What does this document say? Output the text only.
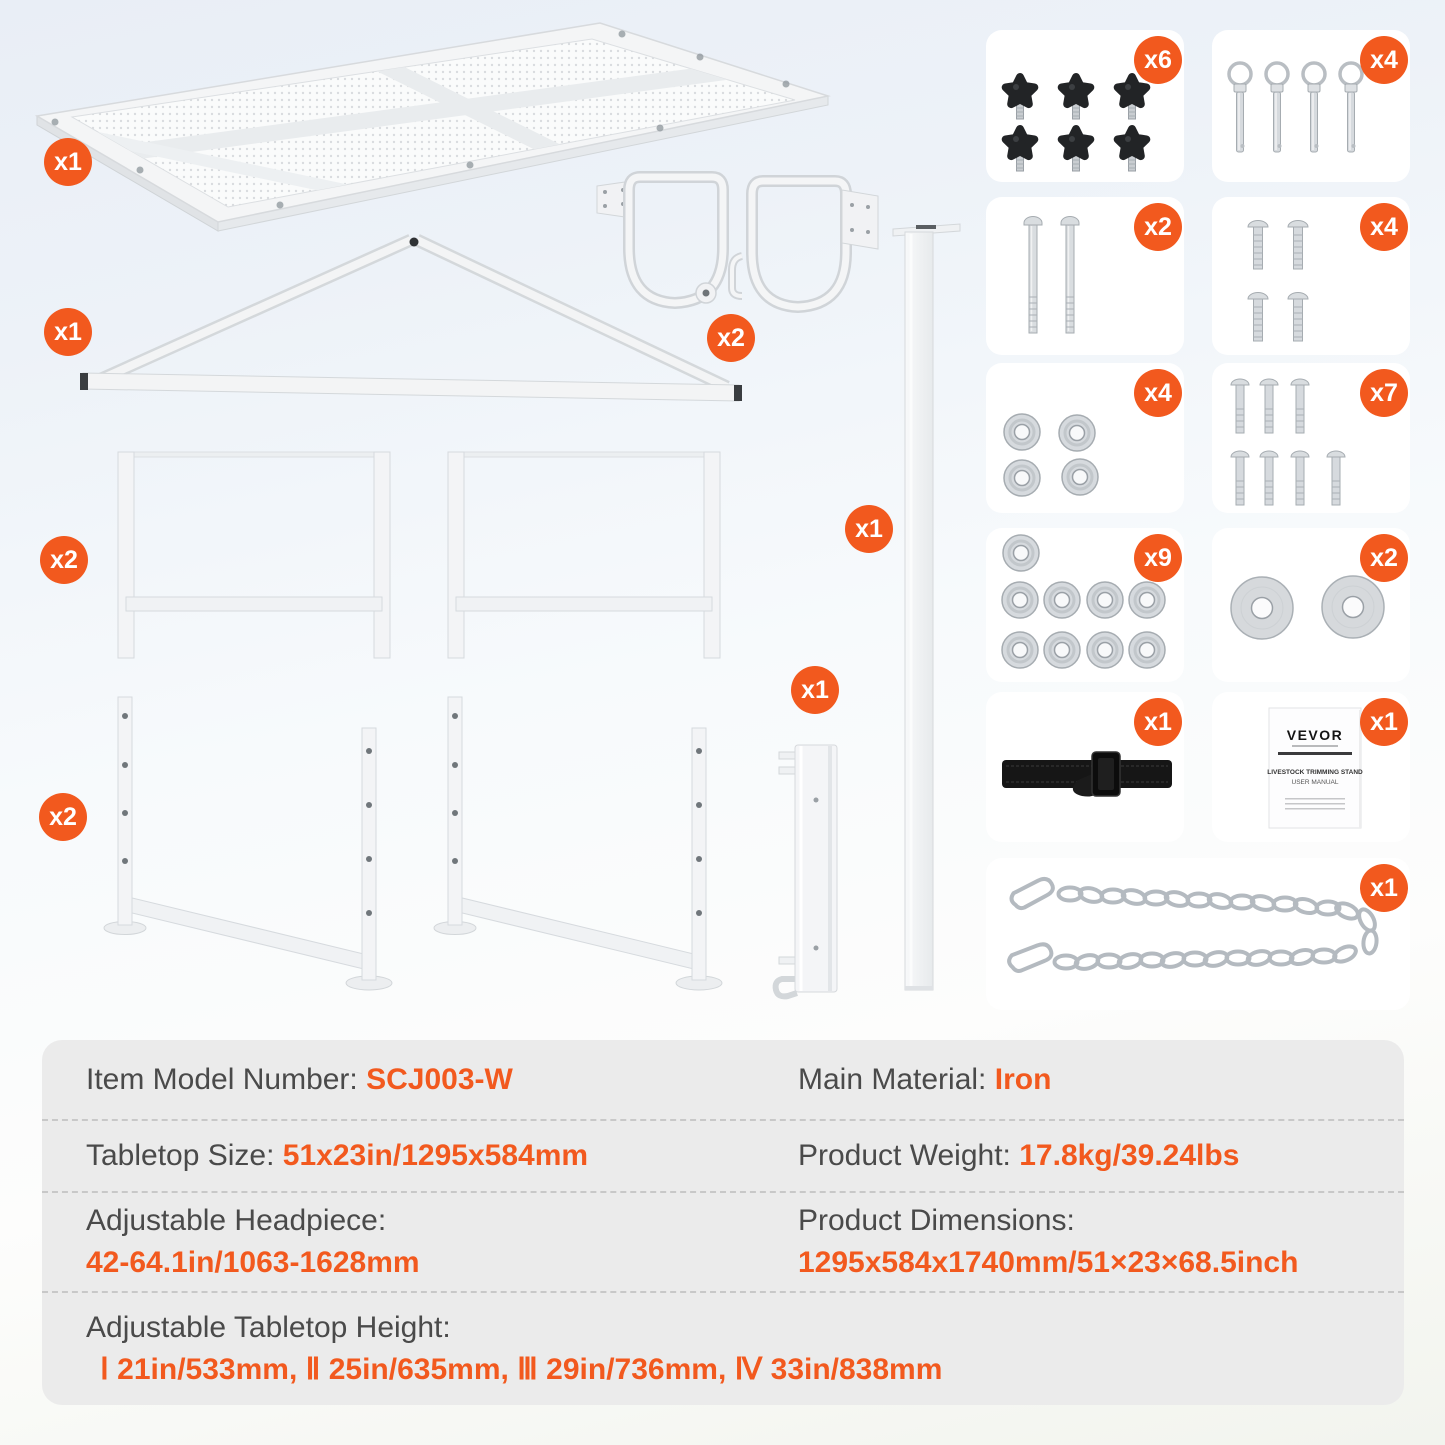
x1
x1	x2
x2
x1
x1
x2
x6	x4
x2	x4
x4	x7
x9	x2
x1	VEVOR
LIVESTOCK TRIMMING STAND
USER MANUAL
x1
x1

Item Model Number: SCJ003-W	Main Material: Iron

Tabletop Size: 51x23in/1295x584mm	Product Weight: 17.8kg/39.24lbs

Adjustable Headpiece:
42-64.1in/1063-1628mm

Product Dimensions:
1295x584x1740mm/51×23×68.5inch

Adjustable Tabletop Height:
Ⅰ 21in/533mm, Ⅱ 25in/635mm, Ⅲ 29in/736mm, Ⅳ 33in/838mm
